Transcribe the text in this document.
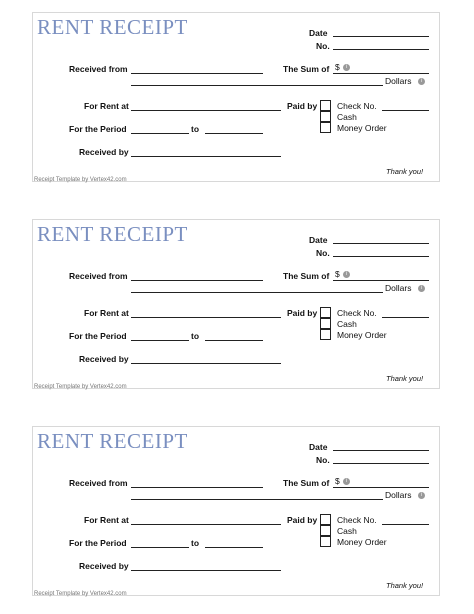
RENT RECEIPT	Date
No.
Received from	The Sum of $	i
Dollars	i
For Rent at	Paid by Check No.
Cash
Money Order
For the Period	to
Received by
Thank you!
Receipt Template by Vertex42.com
RENT RECEIPT	Date
No.
Received from	The Sum of $	i
Dollars	i
For Rent at	Paid by Check No.
Cash
Money Order
For the Period	to
Received by
Thank you!
Receipt Template by Vertex42.com
RENT RECEIPT	Date
No.
Received from	The Sum of $	i
Dollars	i
For Rent at	Paid by Check No.
Cash
Money Order
For the Period	to
Received by
Thank you!
Receipt Template by Vertex42.com
